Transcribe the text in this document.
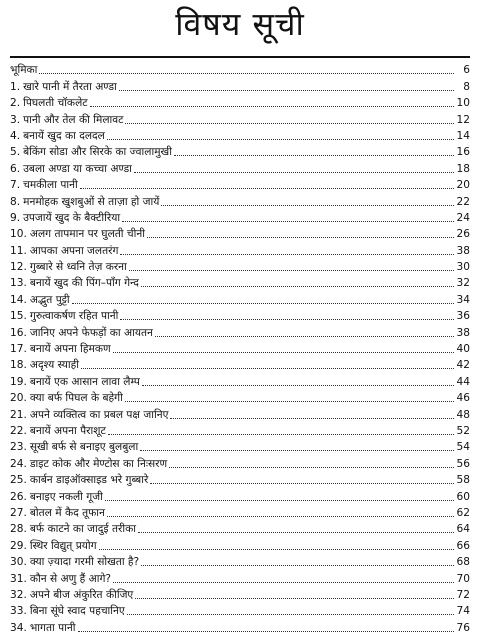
विषय सूची
भूमिका	6
1. खारे पानी में तैरता अण्डा	8
2. पिघलती चॉकलेट	10
3. पानी और तेल की मिलावट	12
4. बनायें खुद का दलदल	14
5. बेकिंग सोडा और सिरके का ज्वालामुखी	16
6. उबला अण्डा या कच्चा अण्डा	18
7. चमकीला पानी	20
8. मनमोहक खुशबुओं से ताज़ा हो जायें	22
9. उपजायें खुद के बैक्टीरिया	24
10. अलग तापमान पर घुलती चीनी	26
11. आपका अपना जलतरंग	38
12. गुब्बारे से ध्वनि तेज़ करना	30
13. बनायें खुद की पिंग–पॉंग गेन्द	32
14. अद्भुत पुट्टी	34
15. गुरुत्वाकर्षण रहित पानी	36
16. जानिए अपने फेफड़ों का आयतन	38
17. बनायें अपना हिमकण	40
18. अदृश्य स्याही	42
19. बनायें एक आसान लावा लैम्प	44
20. क्या बर्फ पिघल के बहेगी	46
21. अपने व्यक्तित्व का प्रबल पक्ष जानिए	48
22. बनायें अपना पैराशूट	52
23. सूखी बर्फ से बनाइए बुलबुला	54
24. डाइट कोक और मेण्टोस का निःसरण	56
25. कार्बन डाइऑक्साइड भरे गुब्बारे	58
26. बनाइए नकली गूजी	60
27. बोतल में कैद तूफान	62
28. बर्फ काटने का जादुई तरीका	64
29. स्थिर विद्युत् प्रयोग	66
30. क्या ज़्यादा गरमी सोखता है?	68
31. कौन से अणु हैं आगे?	70
32. अपने बीज अंकुरित कीजिए	72
33. बिना सूंघे स्वाद पहचानिए	74
34. भागता पानी	76
